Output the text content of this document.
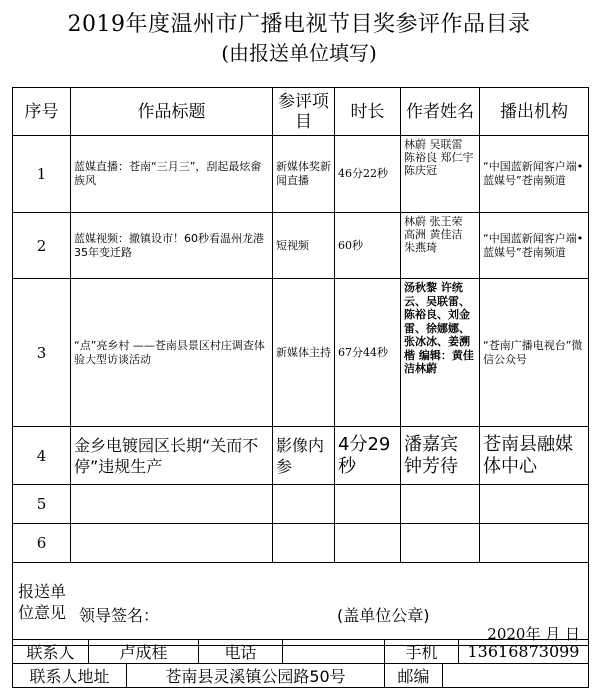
2019年度温州市广播电视节目奖参评作品目录
(由报送单位填写)
序号	作品标题	参评项目	时长	作者姓名	播出机构
1	蓝媒直播：苍南“三月三”，刮起最炫畲族风	新媒体奖新闻直播	46分22秒	林蔚 吴联雷 陈裕良 郑仁宇 陈庆冠	“中国蓝新闻客户端•蓝媒号”苍南频道
2	蓝媒视频：撤镇设市！60秒看温州龙港35年变迁路	短视频	60秒	林蔚 张王荣 高洲 黄佳洁 朱燕琦	“中国蓝新闻客户端•蓝媒号”苍南频道
3	“点”亮乡村 ——苍南县景区村庄调查体验大型访谈活动	新媒体主持	67分44秒	汤秋黎 许统云、吴联雷、陈裕良、刘金雷、徐娜娜、张冰冰、姜溯楷 编辑：黄佳洁林蔚	“苍南广播电视台”微信公众号
4	金乡电镀园区长期“关而不停”违规生产	影像内参	4分29秒	潘嘉宾 钟芳待	苍南县融媒体中心
5					
6					

报送单位意见 领导签名： (盖单位公章)
2020年 月 日					
联系人	卢成桂	电话		手机	13616873099
联系人地址	苍南县灵溪镇公园路50号	邮编	
